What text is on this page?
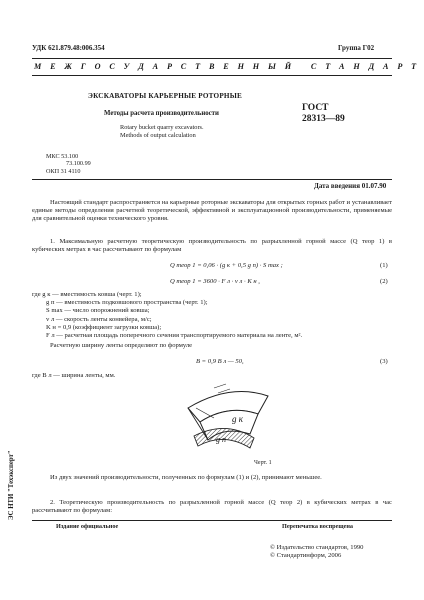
УДК 621.879.48:006.354	Группа Г02
М Е Ж Г О С У Д А Р С Т В Е Н Н Ы Й   С Т А Н Д А Р Т
ЭКСКАВАТОРЫ КАРЬЕРНЫЕ РОТОРНЫЕ
Методы расчета производительности
Rotary bucket quarry excavators.
Methods of output calculation
ГОСТ
28313—89
МКС 53.100
73.100.99
ОКП 31 4110
Дата введения 01.07.90
Настоящий стандарт распространяется на карьерные роторные экскаваторы для открытых горных работ и устанавливает единые методы определения расчетной теоретической, эффективной и эксплуатационной производительности, применяемые для сравнительной оценки технического уровня.
1. Максимальную расчетную теоретическую производительность по разрыхленной горной массе (Q теор 1) в кубических метрах в час рассчитывают по формулам
Q теор 1 = 0,06 · (g к + 0,5 g п) · S max ;	(1)
Q теор 1 = 3600 · F л · v л · K н ,	(2)
где g к — вместимость ковша (черт. 1);
g п — вместимость подковшового пространства (черт. 1);
S max — число опорожнений ковша;
v л — скорость ленты конвейера, м/с;
K н = 0,9 (коэффициент загрузки ковша);
F л — расчетная площадь поперечного сечения транспортируемого материала на ленте, м².
Расчетную ширину ленты определяют по формуле
B = 0,9 B л — 50,	(3)
где B л — ширина ленты, мм.
g к
g п
Черт. 1
Из двух значений производительности, полученных по формулам (1) и (2), принимают меньшее.
2. Теоретическую производительность по разрыхленной горной массе (Q теор 2) в кубических метрах в час рассчитывают по формулам:
Издание официальное	Перепечатка воспрещена
© Издательство стандартов, 1990
© Стандартинформ, 2006
ЭС НТИ "Техэксперт"
